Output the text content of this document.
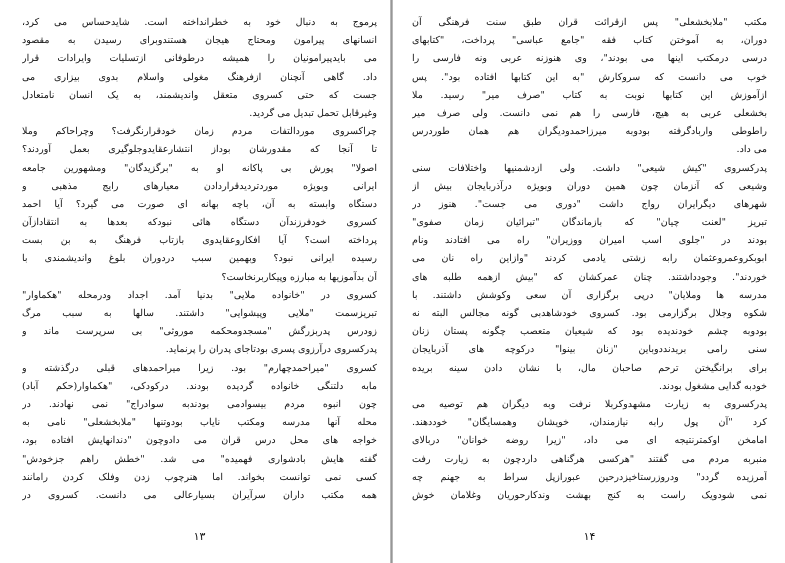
پرموج به دنبال خود به خطرانداخته است. شایدحساس می کرد،
انسانهای پیرامون ومحتاج هیجان هستندوبرای رسیدن به مقصود
می بایدپیرامونیان را همیشه درطوفانی ازتسلیات وایرادات قرار
داد. گاهی آنچنان ازفرهنگ مغولی واسلام بدوی بیزاری می
جست که حتی کسروی متعقل واندیشمند، به یک انسان نامتعادل
وغیرقابل تحمل تبدیل می گردید.
چراکسروی موردالتفات مردم زمان خودقرارنگرفت؟ وچراحاکم وملا
تا آنجا که مقدورشان بوداز انتشارعقایدوجلوگیری بعمل آوردند؟
اصولا" پورش بی پاکانه او به "برگزیدگان" ومشهورین جامعه
ایرانی وبویژه موردتردیدقراردادن معیارهای رایج مذهبی و
دستگاه وابسته به آن، باچه بهانه ای صورت می گیرد؟ آیا احمد
کسروی خودفرزندآن دستگاه هائی نبودکه بعدها به انتقادازآن
پرداخته است؟ آیا افکاروعقایدوی بازتاب فرهنگ به بن بست
رسیده ایرانی نبود؟ وبهمین سبب دردوران بلوغ واندیشمندی با
آن بدآموزیها به مبارزه وپیکاربرنخاست؟
کسروی در "خانواده ملایی" بدنیا آمد. اجداد ودرمحله "هکماوار"
تبریزسمت "ملایی وپیشوایی" داشتند. سالها به سبب مرگ
زودرس پدربزرگش "مسجدومحکمه موروثی" بی سرپرست ماند و
پدرکسروی درآرزوی پسری بودتاجای پدران را پرنماید.
کسروی "میراحمدچهارم" بود. زیرا میراحمدهای قبلی درگذشته و
مابه دلتنگی خانواده گردیده بودند. درکودکی، "هکماوار(حکم آباد)
چون انبوه مردم بیسوادمی بودندبه سوادراج" نمی نهادند. در
محله آنها مدرسه ومکتب نایاب بودوتنها "ملابخشعلی" نامی به
خواجه های محل درس قران می دادوچون "دندانهایش افتاده بود،
گفته هایش بادشواری فهمیده" می شد. "خطش راهم جزخودش"
کسی نمی توانست بخواند. اما هنرچوب زدن وفلک کردن رامانند
همه مکتب داران سرآیران بسیارعالی می دانست. کسروی در
مکتب "ملابخشعلی" پس ازقرائت قران طبق سنت فرهنگی آن
دوران، به آموختن کتاب فقه "جامع عباسی" پرداخت، "کتابهای
درسی درمکتب اینها می بودند"، وی هنوزنه عربی ونه فارسی را
خوب می دانست که سروکارش "به این کتابها افتاده بود". پس
ازآموزش این کتابها نوبت به کتاب "صرف میر" رسید. ملا
بخشعلی عربی به هیچ، فارسی را هم نمی دانست. ولی صرف میر
راطوطی واربادگرفته بودوبه میرزاحمدودیگران هم همان طوردرس
می داد.
پدرکسروی "کیش شیعی" داشت. ولی ازدشمنیها واختلافات سنی
وشیعی که آنزمان چون همین دوران وبویژه درآذربایجان بیش از
شهرهای دیگرایران رواج داشت "دوری می جست". هنوز در
تبریز "لعنت چیان" که بازماندگان "تبرائیان زمان صفوی"
بودند در "جلوی اسب امیران ووزیران" راه می افتادند ونام
ابوبکروعمروعثمان رابه زشتی یادمی کردند "وازاین راه نان می
خوردند". وجودداشتند. چنان عمرکشان که "بیش ازهمه طلبه های
مدرسه ها وملایان" درپی برگزاری آن سعی وکوشش داشتند. با
شکوه وجلال برگزارمی بود. کسروی خودشاهدبی گونه مجالس البته نه
بودوبه چشم خودندیده بود که شیعیان متعصب چگونه پستان زنان
سنی رامی بریدنددوباین "زنان بینوا" درکوچه های آذربایجان
برای برانگیختن ترحم صاحبان مال، با نشان دادن سینه بریده
خودبه گدایی مشغول بودند.
پدرکسروی به زیارت مشهدوکربلا نرفت وبه دیگران هم توصیه می
کرد "آن پول رابه نیازمندان، خویشان وهمسایگان" خوددهند.
امامخن اوکمترنتیجه ای می داد، "زیرا روضه خوانان" دربالای
منبربه مردم می گفتند "هرکسی هرگناهی داردچون به زیارت رفت
آمرزیده گردد" ودروزرستاخیزدرحین عبورازپل سراط به جهنم چه
نمی شودویک راست به کنج بهشت وندکارحوریان وغلامان خوش
۱۳	۱۴
